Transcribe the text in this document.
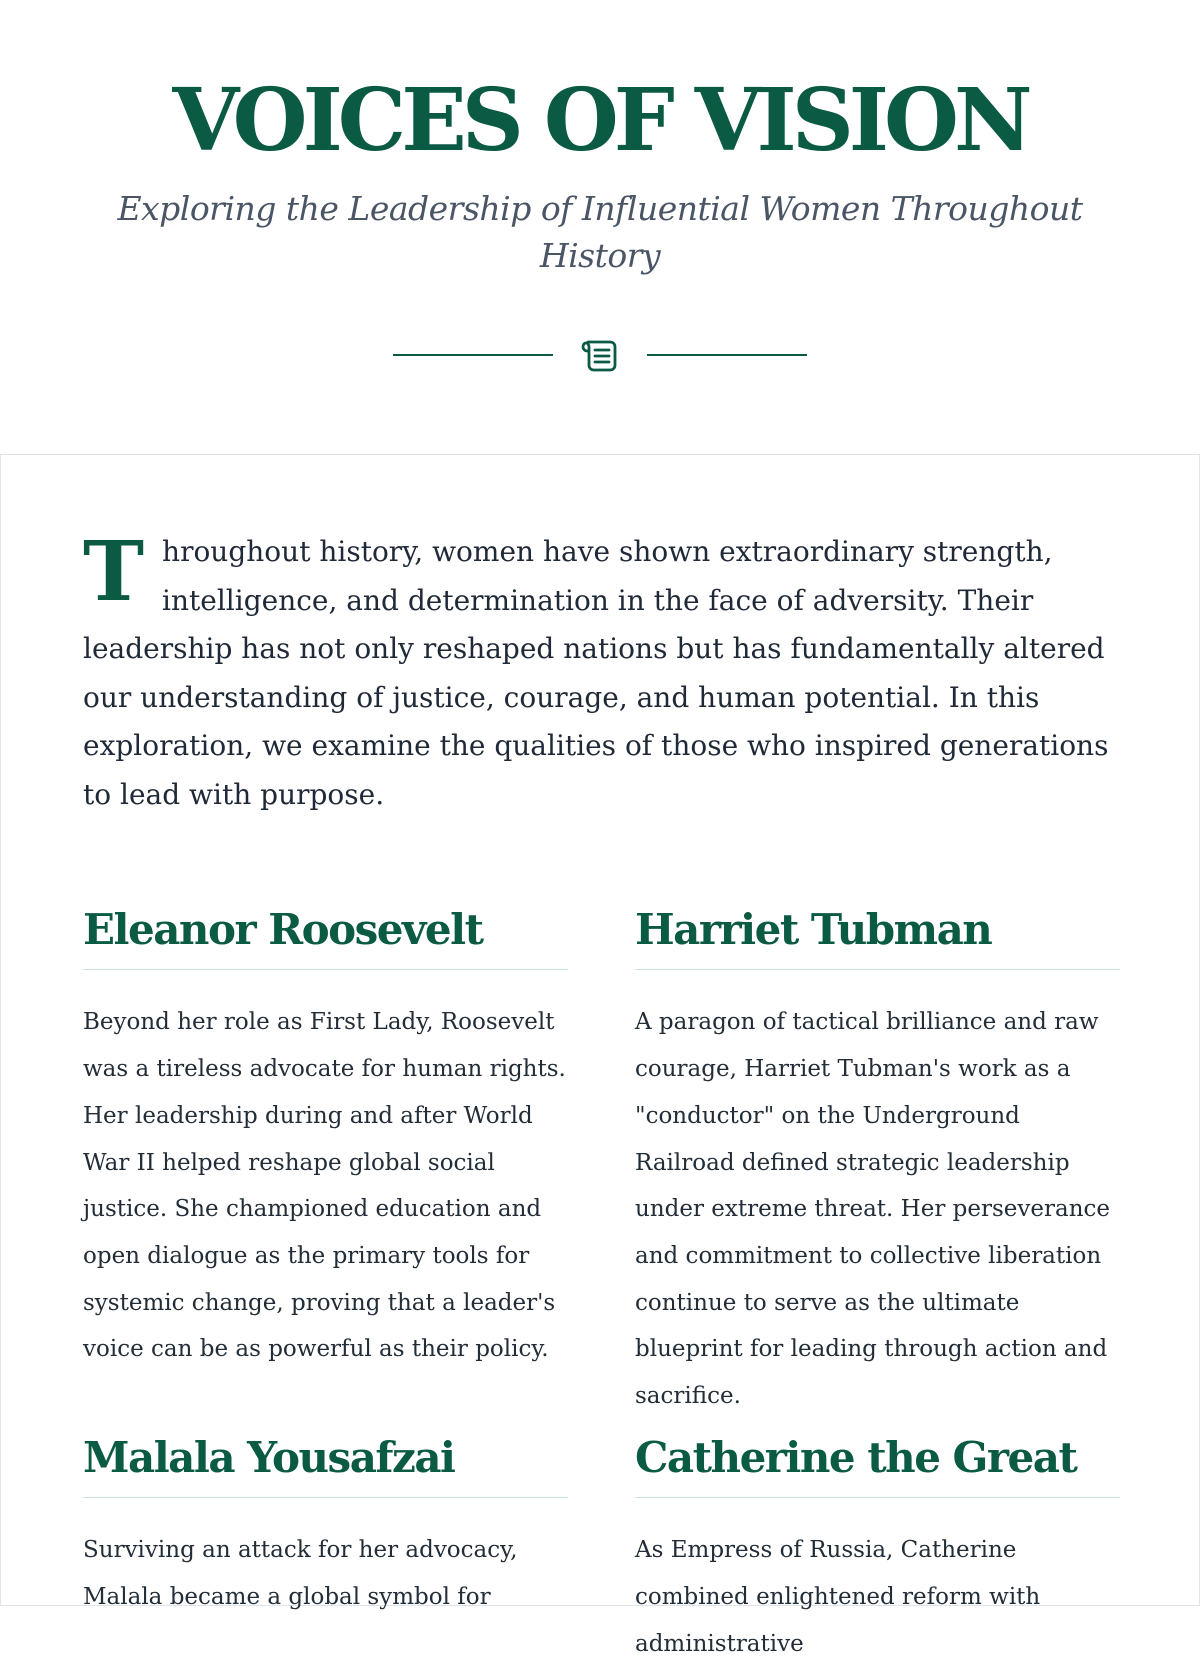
VOICES OF VISION

Exploring the Leadership of Influential Women Throughout History

T hroughout history, women have shown extraordinary strength, intelligence, and determination in the face of adversity. Their leadership has not only reshaped nations but has fundamentally altered our understanding of justice, courage, and human potential. In this exploration, we examine the qualities of those who inspired generations to lead with purpose.

Eleanor Roosevelt

Beyond her role as First Lady, Roosevelt was a tireless advocate for human rights. Her leadership during and after World War II helped reshape global social justice. She championed education and open dialogue as the primary tools for systemic change, proving that a leader's voice can be as powerful as their policy.

Harriet Tubman

A paragon of tactical brilliance and raw courage, Harriet Tubman's work as a "conductor" on the Underground Railroad defined strategic leadership under extreme threat. Her perseverance and commitment to collective liberation continue to serve as the ultimate blueprint for leading through action and sacrifice.

Malala Yousafzai

Surviving an attack for her advocacy, Malala became a global symbol for

Catherine the Great

As Empress of Russia, Catherine combined enlightened reform with administrative
